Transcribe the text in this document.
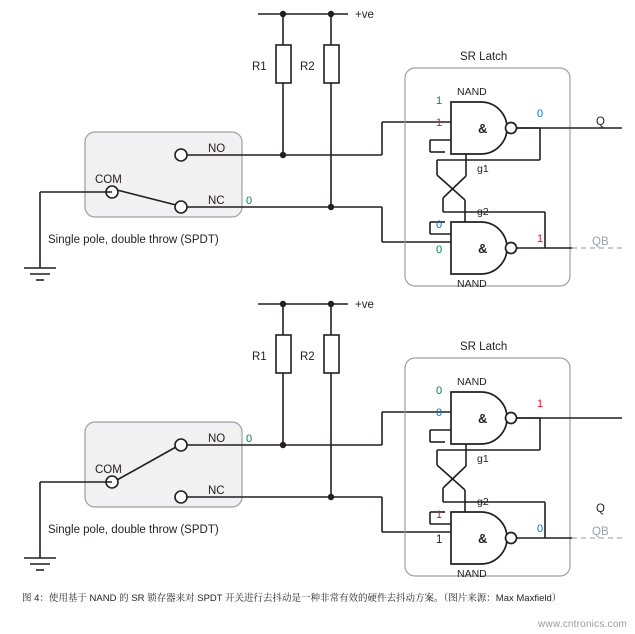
+ve
R1	R2
NO
NC
COM
Single pole, double throw (SPDT)
SR Latch
&
NAND
g1
Q
&
NAND
g2
QB
1
1
0
0
0
1
0
+ve
R1	R2
NO
NC
COM
Single pole, double throw (SPDT)
SR Latch
&
NAND
g1
&
NAND
g2
QB
Q
0
0
1
1
1
0
0
图 4：使用基于 NAND 的 SR 锁存器来对 SPDT 开关进行去抖动是一种非常有效的硬件去抖动方案。（图片来源：Max Maxfield）
www.cntronics.com
